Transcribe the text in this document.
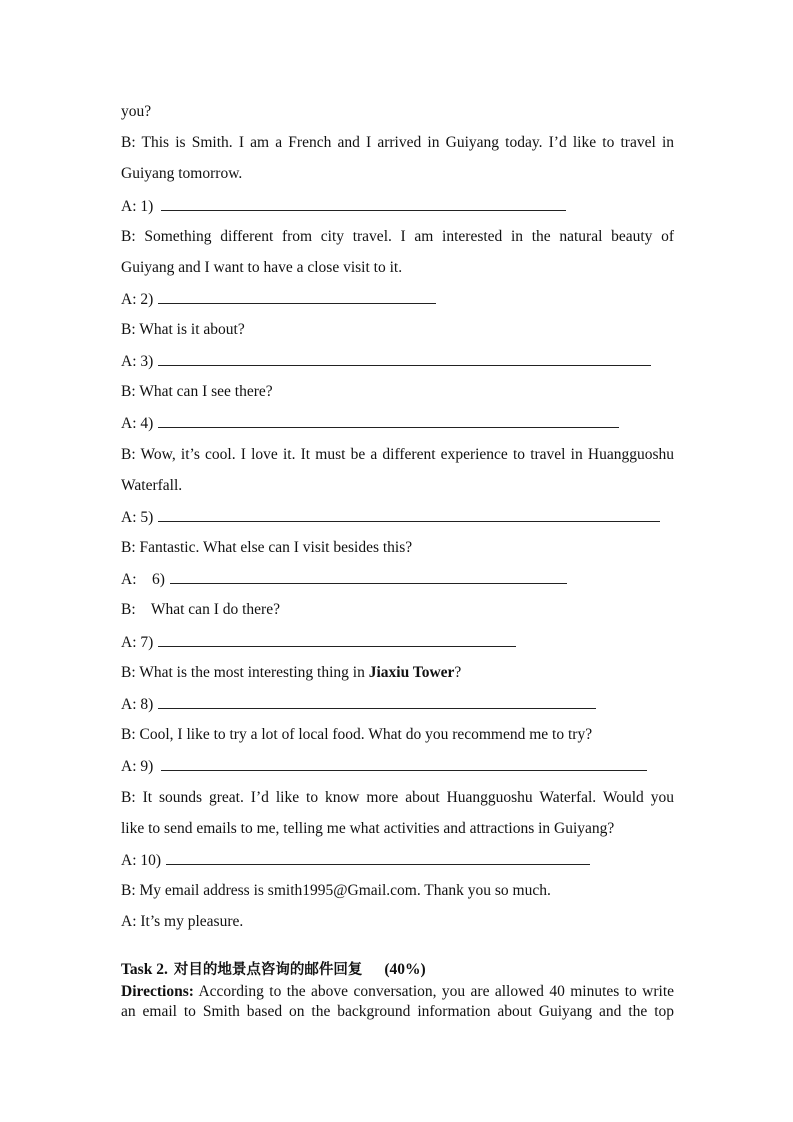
you?
B: This is Smith. I am a French and I arrived in Guiyang today. I’d like to travel in
Guiyang tomorrow.
A: 1)
B: Something different from city travel. I am interested in the natural beauty of
Guiyang and I want to have a close visit to it.
A: 2)
B: What is it about?
A: 3)
B: What can I see there?
A: 4)
B: Wow, it’s cool. I love it. It must be a different experience to travel in Huangguoshu
Waterfall.
A: 5)
B: Fantastic. What else can I visit besides this?
A:    6)
B:    What can I do there?
A: 7)
B: What is the most interesting thing in Jiaxiu Tower?
A: 8)
B: Cool, I like to try a lot of local food. What do you recommend me to try?
A: 9)
B: It sounds great. I’d like to know more about Huangguoshu Waterfal. Would you
like to send emails to me, telling me what activities and attractions in Guiyang?
A: 10)
B: My email address is smith1995@Gmail.com. Thank you so much.
A: It’s my pleasure.
Task 2. 对目的地景点咨询的邮件回复 (40%)
Directions: According to the above conversation, you are allowed 40 minutes to write
an email to Smith based on the background information about Guiyang and the top
